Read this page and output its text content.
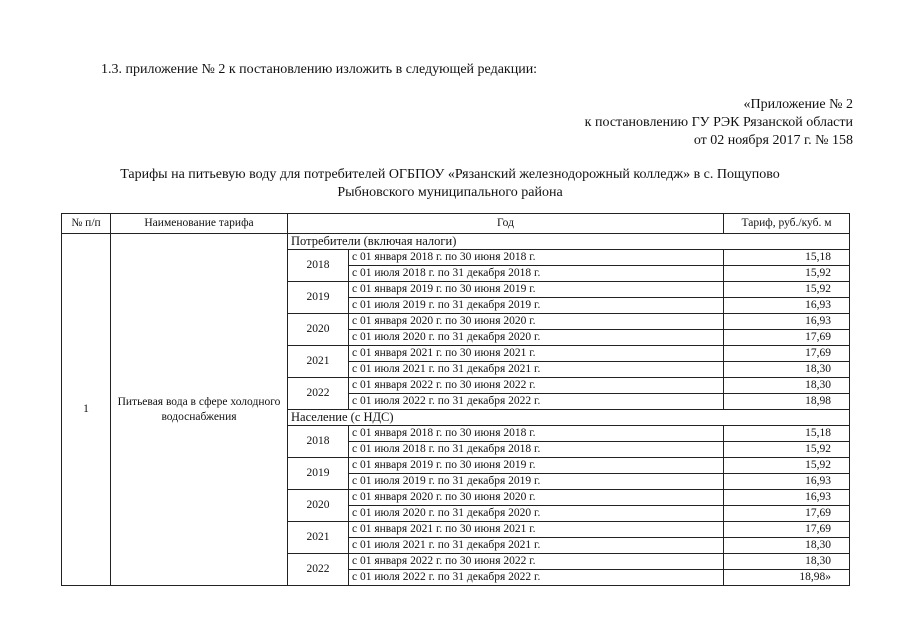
1.3. приложение № 2 к постановлению изложить в следующей редакции:
«Приложение № 2
к постановлению ГУ РЭК Рязанской области
от 02 ноября 2017 г. № 158
Тарифы на питьевую воду для потребителей ОГБПОУ «Рязанский железнодорожный колледж» в с. Пощупово
Рыбновского муниципального района
№ п/п	Наименование тарифа	Год		Тариф, руб./куб. м
1	Питьевая вода в сфере холодного водоснабжения	Потребители (включая налоги)		
		2018	с 01 января 2018 г. по 30 июня 2018 г.	15,18
			с 01 июля 2018 г. по 31 декабря 2018 г.	15,92
		2019	с 01 января 2019 г. по 30 июня 2019 г.	15,92
			с 01 июля 2019 г. по 31 декабря 2019 г.	16,93
		2020	с 01 января 2020 г. по 30 июня 2020 г.	16,93
			с 01 июля 2020 г. по 31 декабря 2020 г.	17,69
		2021	с 01 января 2021 г. по 30 июня 2021 г.	17,69
			с 01 июля 2021 г. по 31 декабря 2021 г.	18,30
		2022	с 01 января 2022 г. по 30 июня 2022 г.	18,30
			с 01 июля 2022 г. по 31 декабря 2022 г.	18,98
		Население (с НДС)		
		2018	с 01 января 2018 г. по 30 июня 2018 г.	15,18
			с 01 июля 2018 г. по 31 декабря 2018 г.	15,92
		2019	с 01 января 2019 г. по 30 июня 2019 г.	15,92
			с 01 июля 2019 г. по 31 декабря 2019 г.	16,93
		2020	с 01 января 2020 г. по 30 июня 2020 г.	16,93
			с 01 июля 2020 г. по 31 декабря 2020 г.	17,69
		2021	с 01 января 2021 г. по 30 июня 2021 г.	17,69
			с 01 июля 2021 г. по 31 декабря 2021 г.	18,30
		2022	с 01 января 2022 г. по 30 июня 2022 г.	18,30
			с 01 июля 2022 г. по 31 декабря 2022 г.	18,98»
